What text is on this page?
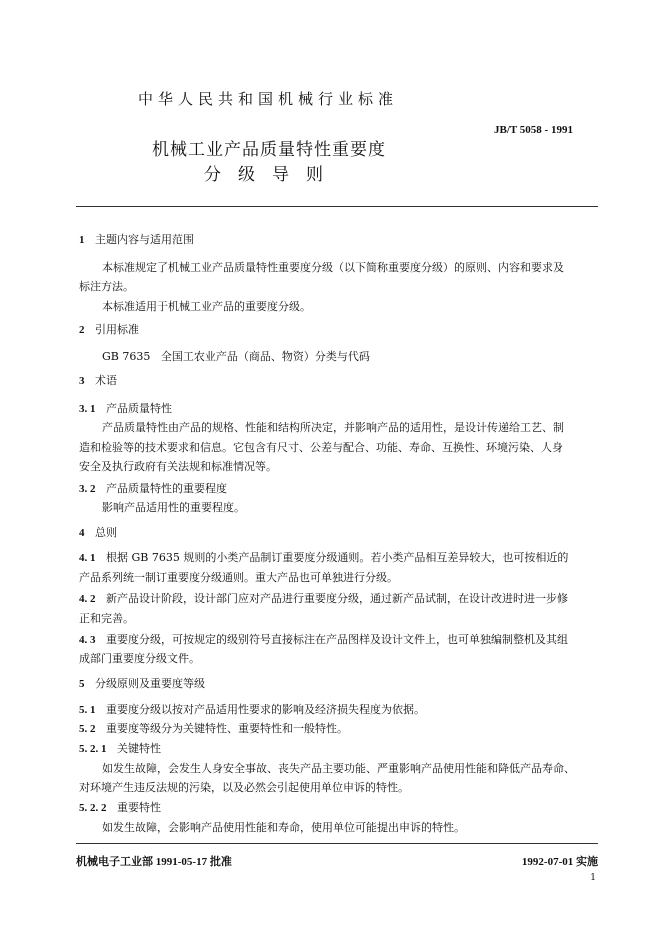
中华人民共和国机械行业标准
JB/T 5058 - 1991
机械工业产品质量特性重要度
分级导则
1 主题内容与适用范围
本标准规定了机械工业产品质量特性重要度分级（以下简称重要度分级）的原则、内容和要求及
标注方法。
本标准适用于机械工业产品的重要度分级。
2 引用标准
GB 7635 全国工农业产品（商品、物资）分类与代码
3 术语
3. 1 产品质量特性
产品质量特性由产品的规格、性能和结构所决定，并影响产品的适用性，是设计传递给工艺、制
造和检验等的技术要求和信息。它包含有尺寸、公差与配合、功能、寿命、互换性、环境污染、人身
安全及执行政府有关法规和标准情况等。
3. 2 产品质量特性的重要程度
影响产品适用性的重要程度。
4 总则
4. 1 根据 GB 7635 规则的小类产品制订重要度分级通则。若小类产品相互差异较大，也可按相近的
产品系列统一制订重要度分级通则。重大产品也可单独进行分级。
4. 2 新产品设计阶段，设计部门应对产品进行重要度分级，通过新产品试制，在设计改进时进一步修
正和完善。
4. 3 重要度分级，可按规定的级别符号直接标注在产品图样及设计文件上，也可单独编制整机及其组
成部门重要度分级文件。
5 分级原则及重要度等级
5. 1 重要度分级以按对产品适用性要求的影响及经济损失程度为依据。
5. 2 重要度等级分为关键特性、重要特性和一般特性。
5. 2. 1 关键特性
如发生故障，会发生人身安全事故、丧失产品主要功能、严重影响产品使用性能和降低产品寿命、
对环境产生违反法规的污染，以及必然会引起使用单位申诉的特性。
5. 2. 2 重要特性
如发生故障，会影响产品使用性能和寿命，使用单位可能提出申诉的特性。
机械电子工业部 1991-05-17 批准	1992-07-01 实施
1
